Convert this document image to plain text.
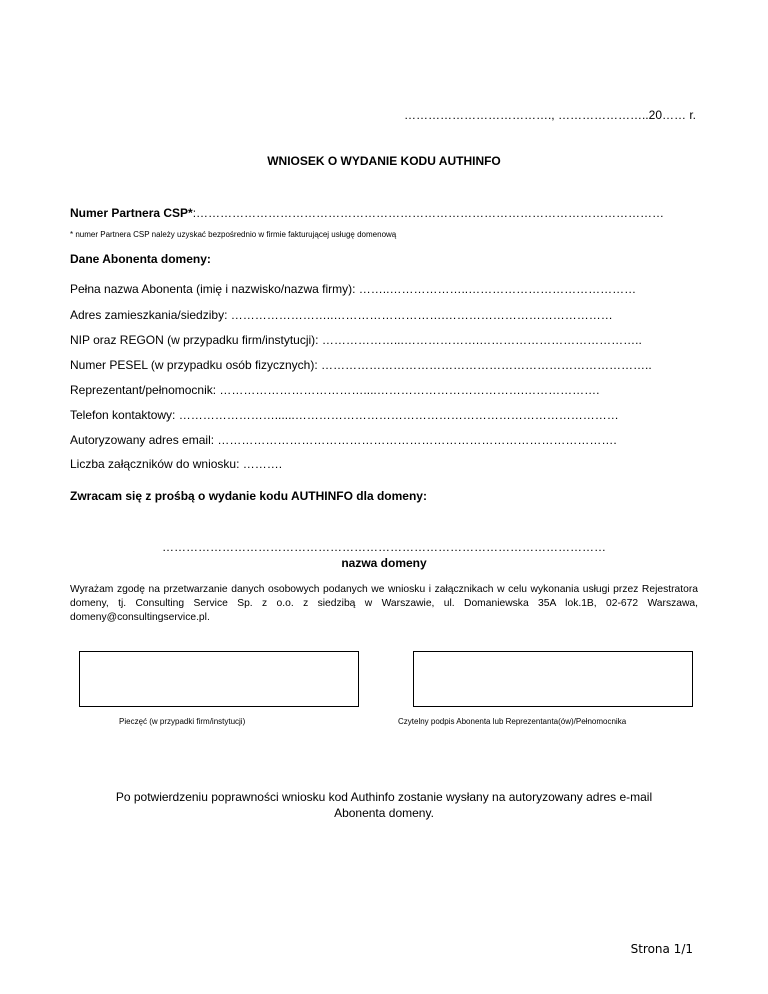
………………………………., …………………..20…… r.
WNIOSEK O WYDANIE KODU AUTHINFO
Numer Partnera CSP*:………………………………………………………………………………………………………
* numer Partnera CSP należy uzyskać bezpośrednio w firmie fakturującej usługę domenową
Dane Abonenta domeny:
Pełna nazwa Abonenta (imię i nazwisko/nazwa firmy): ……..………………..……………………………………
Adres zamieszkania/siedziby: ……………………..……………………….……………………………………
NIP oraz REGON (w przypadku firm/instytucji): ………………...……………….…………………………………..
Numer PESEL (w przypadku osób fizycznych): ………………………………………………………………………..
Reprezentant/pełnomocnik: ………………………………....……………………………….……………….
Telefon kontaktowy: ……………………......………………………………………………………………………
Autoryzowany adres email: ……………………………………………………………………………………….
Liczba załączników do wniosku: ……….
Zwracam się z prośbą o wydanie kodu AUTHINFO dla domeny:
…………………………………………………………………………………………………
nazwa domeny
Wyrażam zgodę na przetwarzanie danych osobowych podanych we wniosku i załącznikach w celu wykonania usługi przez Rejestratora domeny, tj. Consulting Service Sp. z o.o. z siedzibą w Warszawie, ul. Domaniewska 35A lok.1B, 02-672 Warszawa, domeny@consultingservice.pl.
Pieczęć (w przypadki firm/instytucji)	Czytelny podpis Abonenta lub Reprezentanta(ów)/Pełnomocnika
Po potwierdzeniu poprawności wniosku kod Authinfo zostanie wysłany na autoryzowany adres e-mail
Abonenta domeny.
Strona 1/1
